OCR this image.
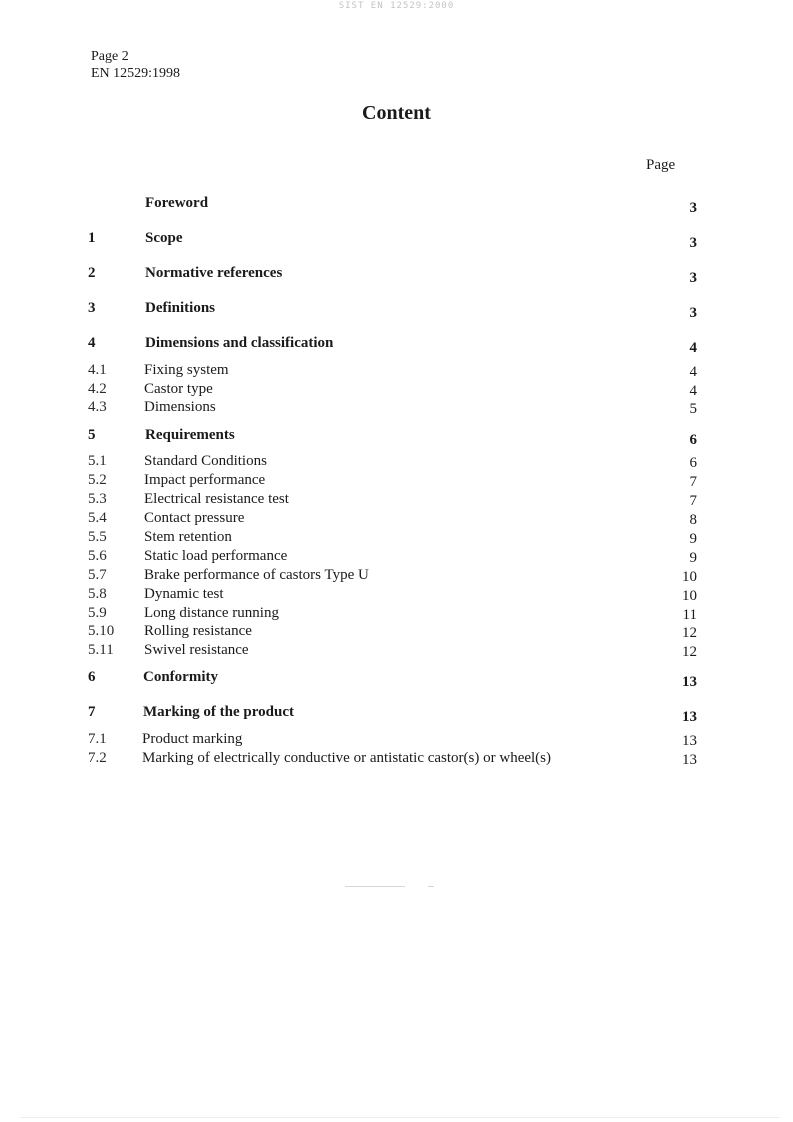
SIST EN 12529:2000
Page 2
EN 12529:1998
Content
Page
Foreword	3
1	Scope	3
2	Normative references	3
3	Definitions	3
4	Dimensions and classification	4
4.1 Fixing system	4
4.2 Castor type	4
4.3 Dimensions	5
5	Requirements	6
5.1 Standard Conditions	6
5.2 Impact performance	7
5.3 Electrical resistance test	7
5.4 Contact pressure	8
5.5 Stem retention	9
5.6 Static load performance	9
5.7 Brake performance of castors Type U	10
5.8 Dynamic test	10
5.9 Long distance running	11
5.10 Rolling resistance	12
5.11 Swivel resistance	12
6	Conformity	13
7	Marking of the product	13
7.1 Product marking	13
7.2 Marking of electrically conductive or antistatic castor(s) or wheel(s)	13
